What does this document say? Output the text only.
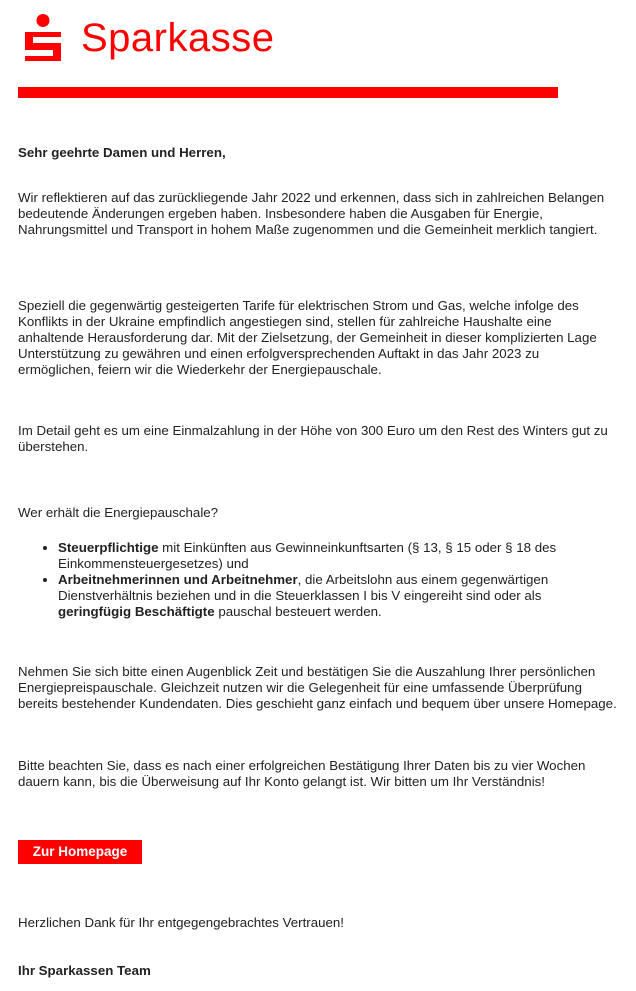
Sparkasse

Sehr geehrte Damen und Herren,

Wir reflektieren auf das zurückliegende Jahr 2022 und erkennen, dass sich in zahlreichen Belangen bedeutende Änderungen ergeben haben. Insbesondere haben die Ausgaben für Energie, Nahrungsmittel und Transport in hohem Maße zugenommen und die Gemeinheit merklich tangiert.

Speziell die gegenwärtig gesteigerten Tarife für elektrischen Strom und Gas, welche infolge des Konflikts in der Ukraine empfindlich angestiegen sind, stellen für zahlreiche Haushalte eine anhaltende Herausforderung dar. Mit der Zielsetzung, der Gemeinheit in dieser komplizierten Lage Unterstützung zu gewähren und einen erfolgversprechenden Auftakt in das Jahr 2023 zu ermöglichen, feiern wir die Wiederkehr der Energiepauschale.

Im Detail geht es um eine Einmalzahlung in der Höhe von 300 Euro um den Rest des Winters gut zu überstehen.

Wer erhält die Energiepauschale?

• Steuerpflichtige mit Einkünften aus Gewinneinkunftsarten (§ 13, § 15 oder § 18 des Einkommensteuergesetzes) und
• Arbeitnehmerinnen und Arbeitnehmer, die Arbeitslohn aus einem gegenwärtigen Dienstverhältnis beziehen und in die Steuerklassen I bis V eingereiht sind oder als geringfügig Beschäftigte pauschal besteuert werden.

Nehmen Sie sich bitte einen Augenblick Zeit und bestätigen Sie die Auszahlung Ihrer persönlichen Energiepreispauschale. Gleichzeit nutzen wir die Gelegenheit für eine umfassende Überprüfung bereits bestehender Kundendaten. Dies geschieht ganz einfach und bequem über unsere Homepage.

Bitte beachten Sie, dass es nach einer erfolgreichen Bestätigung Ihrer Daten bis zu vier Wochen dauern kann, bis die Überweisung auf Ihr Konto gelangt ist. Wir bitten um Ihr Verständnis!

Zur Homepage

Herzlichen Dank für Ihr entgegengebrachtes Vertrauen!

Ihr Sparkassen Team
